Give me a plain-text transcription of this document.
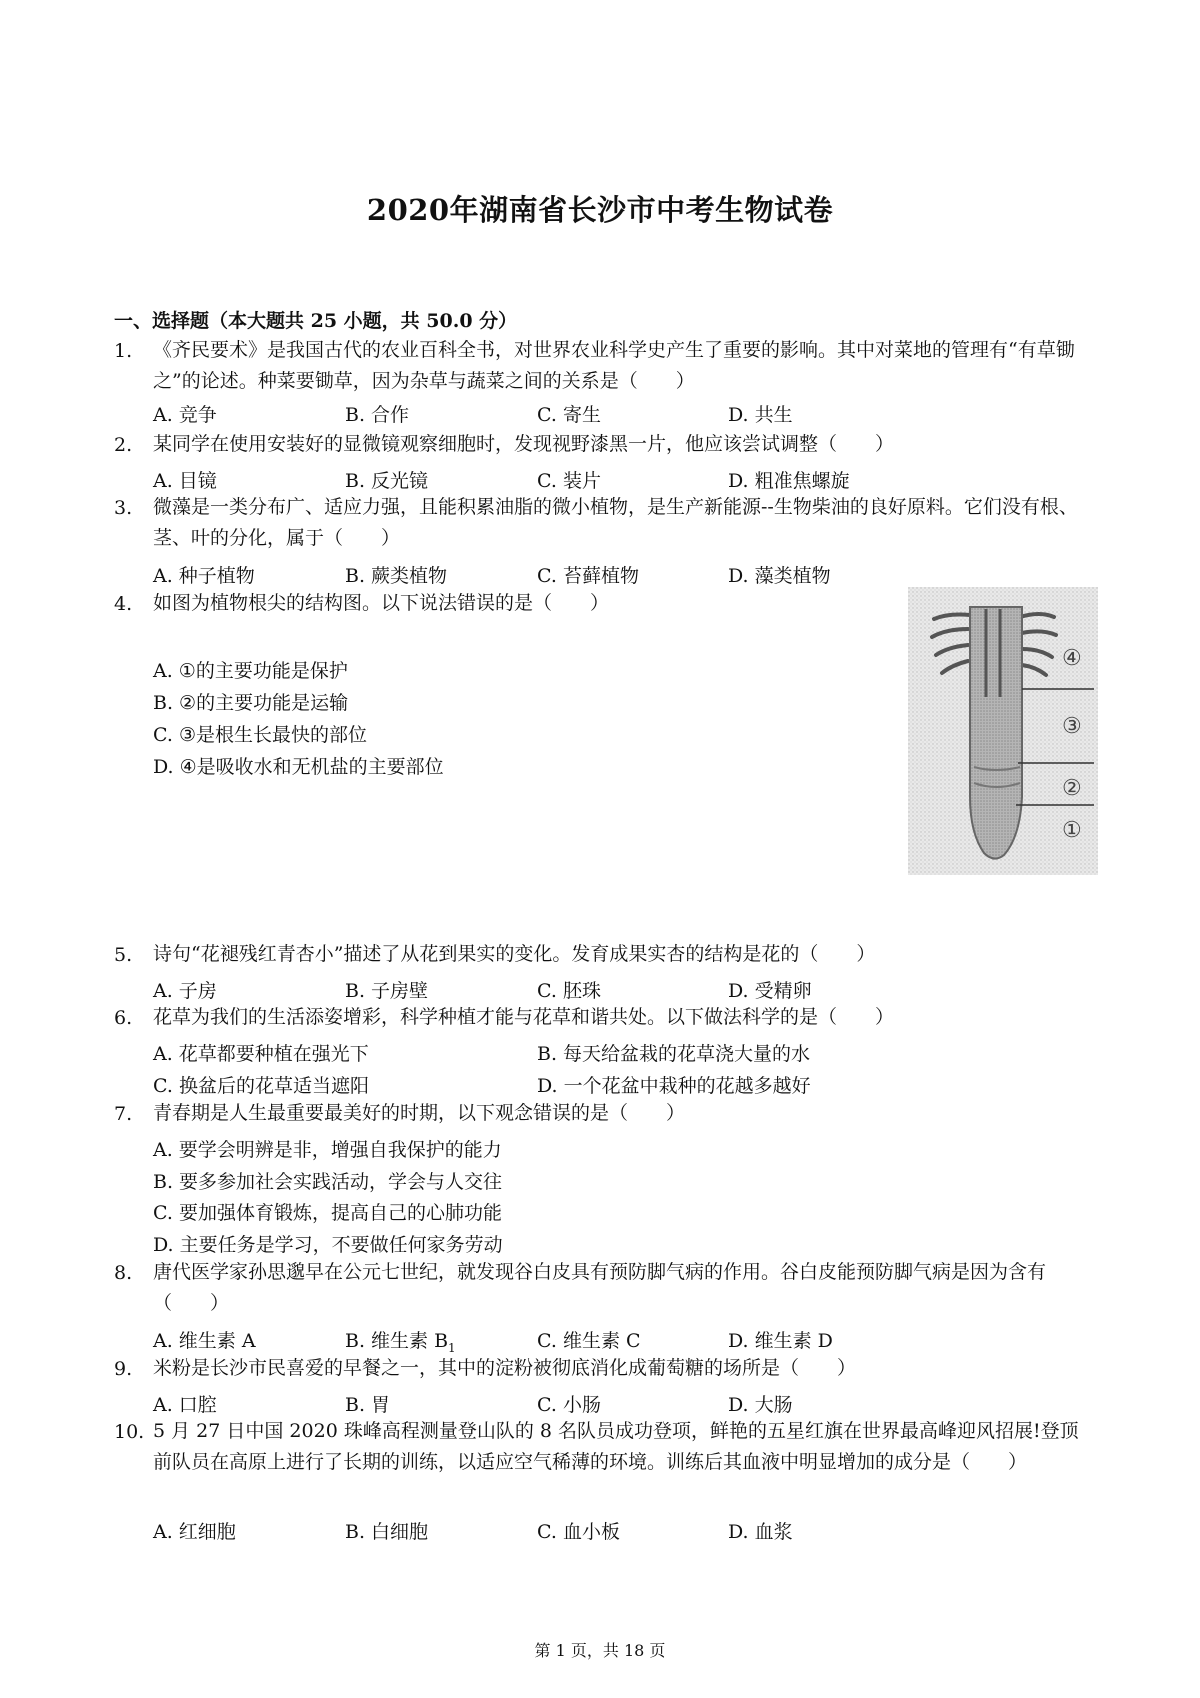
2020年湖南省长沙市中考生物试卷
一、选择题（本大题共 25 小题，共 50.0 分）
1.	《齐民要术》是我国古代的农业百科全书，对世界农业科学史产生了重要的影响。其中对菜地的管理有“有草锄之”的论述。种菜要锄草，因为杂草与蔬菜之间的关系是（　　）
A. 竞争	B. 合作	C. 寄生	D. 共生
2.	某同学在使用安装好的显微镜观察细胞时，发现视野漆黑一片，他应该尝试调整（　　）
A. 目镜	B. 反光镜	C. 装片	D. 粗准焦螺旋
3.	微藻是一类分布广、适应力强，且能积累油脂的微小植物，是生产新能源--生物柴油的良好原料。它们没有根、茎、叶的分化，属于（　　）
A. 种子植物	B. 蕨类植物	C. 苔藓植物	D. 藻类植物
4.	如图为植物根尖的结构图。以下说法错误的是（　　）
A. ①的主要功能是保护
B. ②的主要功能是运输
C. ③是根生长最快的部位
D. ④是吸收水和无机盐的主要部位
④
③
②
①
5.	诗句“花褪残红青杏小”描述了从花到果实的变化。发育成果实杏的结构是花的（　　）
A. 子房	B. 子房壁	C. 胚珠	D. 受精卵
6.	花草为我们的生活添姿增彩，科学种植才能与花草和谐共处。以下做法科学的是（　　）
A. 花草都要种植在强光下	B. 每天给盆栽的花草浇大量的水
C. 换盆后的花草适当遮阳	D. 一个花盆中栽种的花越多越好
7.	青春期是人生最重要最美好的时期，以下观念错误的是（　　）
A. 要学会明辨是非，增强自我保护的能力
B. 要多参加社会实践活动，学会与人交往
C. 要加强体育锻炼，提高自己的心肺功能
D. 主要任务是学习，不要做任何家务劳动
8.	唐代医学家孙思邈早在公元七世纪，就发现谷白皮具有预防脚气病的作用。谷白皮能预防脚气病是因为含有（　　）
A. 维生素 A	B. 维生素 $B_1$	C. 维生素 C	D. 维生素 D
9.	米粉是长沙市民喜爱的早餐之一，其中的淀粉被彻底消化成葡萄糖的场所是（　　）
A. 口腔	B. 胃	C. 小肠	D. 大肠
10. 5 月 27 日中国 2020 珠峰高程测量登山队的 8 名队员成功登项，鲜艳的五星红旗在世界最高峰迎风招展!登顶前队员在高原上进行了长期的训练，以适应空气稀薄的环境。训练后其血液中明显增加的成分是（　　）
A. 红细胞	B. 白细胞	C. 血小板	D. 血浆
第 1 页，共 18 页
